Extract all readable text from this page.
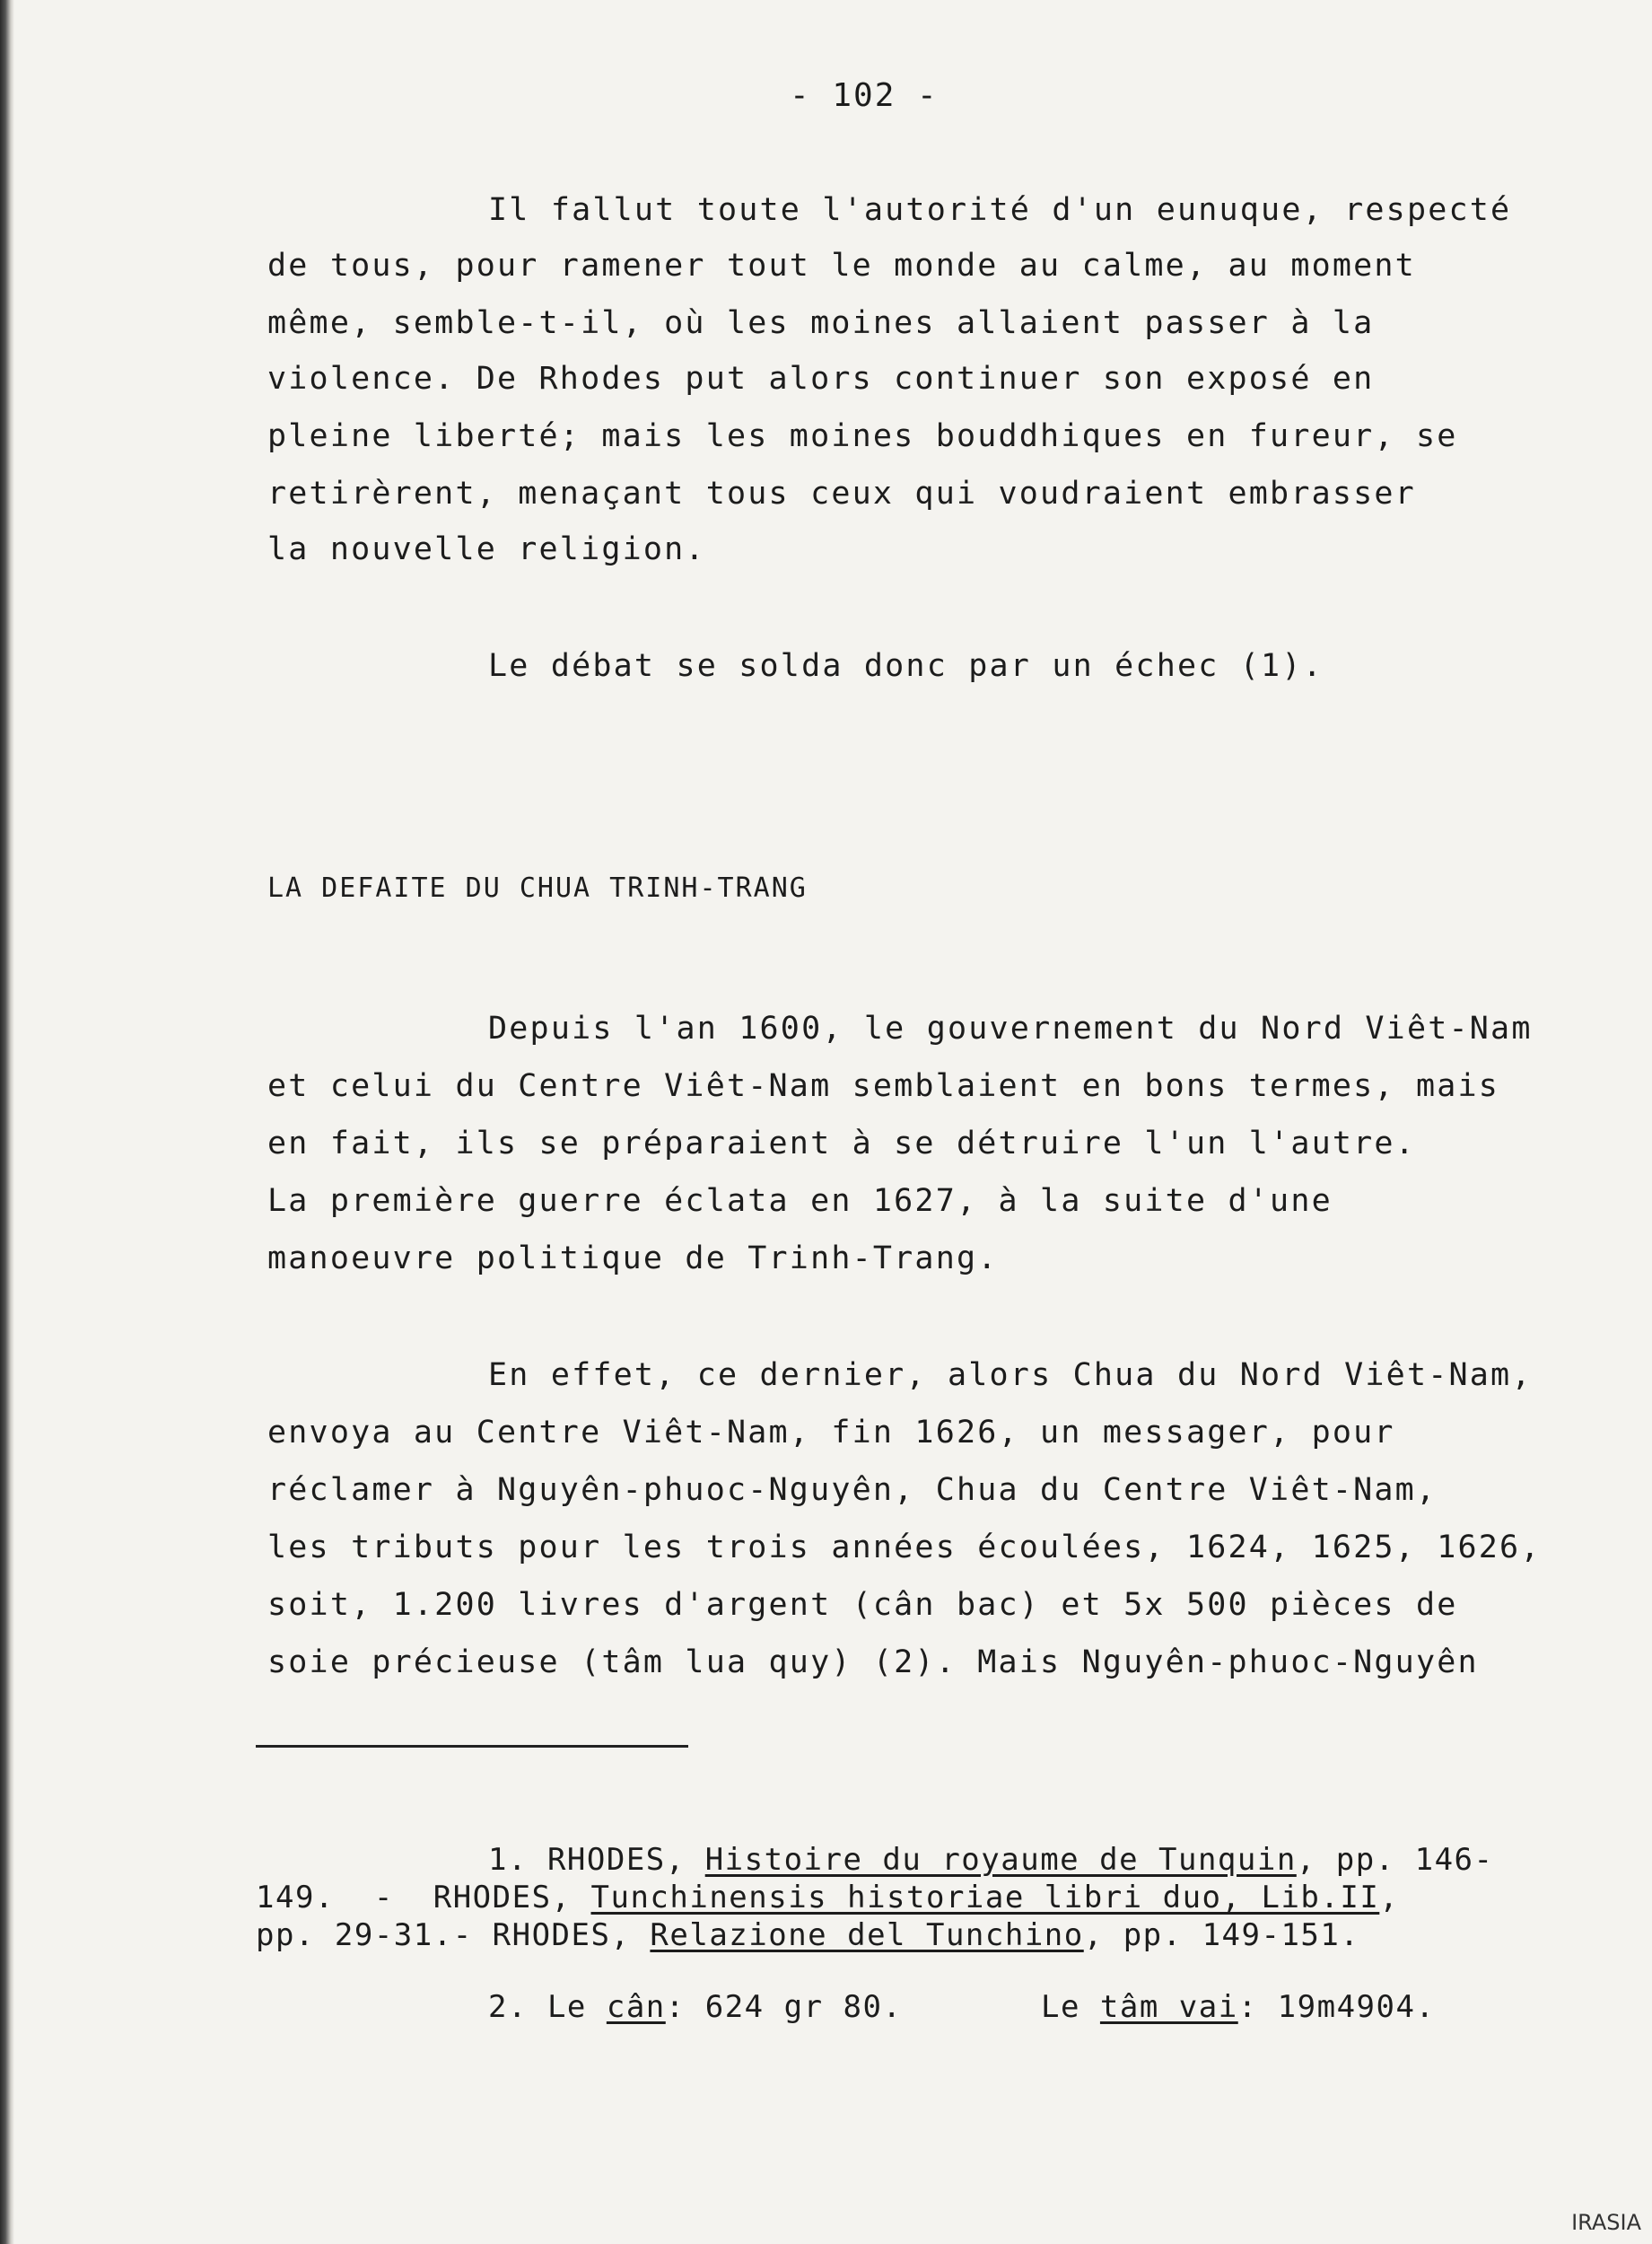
- 102 -
Il fallut toute l'autorité d'un eunuque, respecté
de tous, pour ramener tout le monde au calme, au moment
même, semble-t-il, où les moines allaient passer à la
violence. De Rhodes put alors continuer son exposé en
pleine liberté; mais les moines bouddhiques en fureur, se
retirèrent, menaçant tous ceux qui voudraient embrasser
la nouvelle religion.
Le débat se solda donc par un échec (1).
LA DEFAITE DU CHUA TRINH-TRANG
Depuis l'an 1600, le gouvernement du Nord Viêt-Nam
et celui du Centre Viêt-Nam semblaient en bons termes, mais
en fait, ils se préparaient à se détruire l'un l'autre.
La première guerre éclata en 1627, à la suite d'une
manoeuvre politique de Trinh-Trang.
En effet, ce dernier, alors Chua du Nord Viêt-Nam,
envoya au Centre Viêt-Nam, fin 1626, un messager, pour
réclamer à Nguyên-phuoc-Nguyên, Chua du Centre Viêt-Nam,
les tributs pour les trois années écoulées, 1624, 1625, 1626,
soit, 1.200 livres d'argent (cân bac) et 5x 500 pièces de
soie précieuse (tâm lua quy) (2). Mais Nguyên-phuoc-Nguyên
1. RHODES, Histoire du royaume de Tunquin, pp. 146-
149.  -  RHODES, Tunchinensis historiae libri duo, Lib.II,
pp. 29-31.- RHODES, Relazione del Tunchino, pp. 149-151.
2. Le cân: 624 gr 80.	Le tâm vai: 19m4904.
IRASIA
